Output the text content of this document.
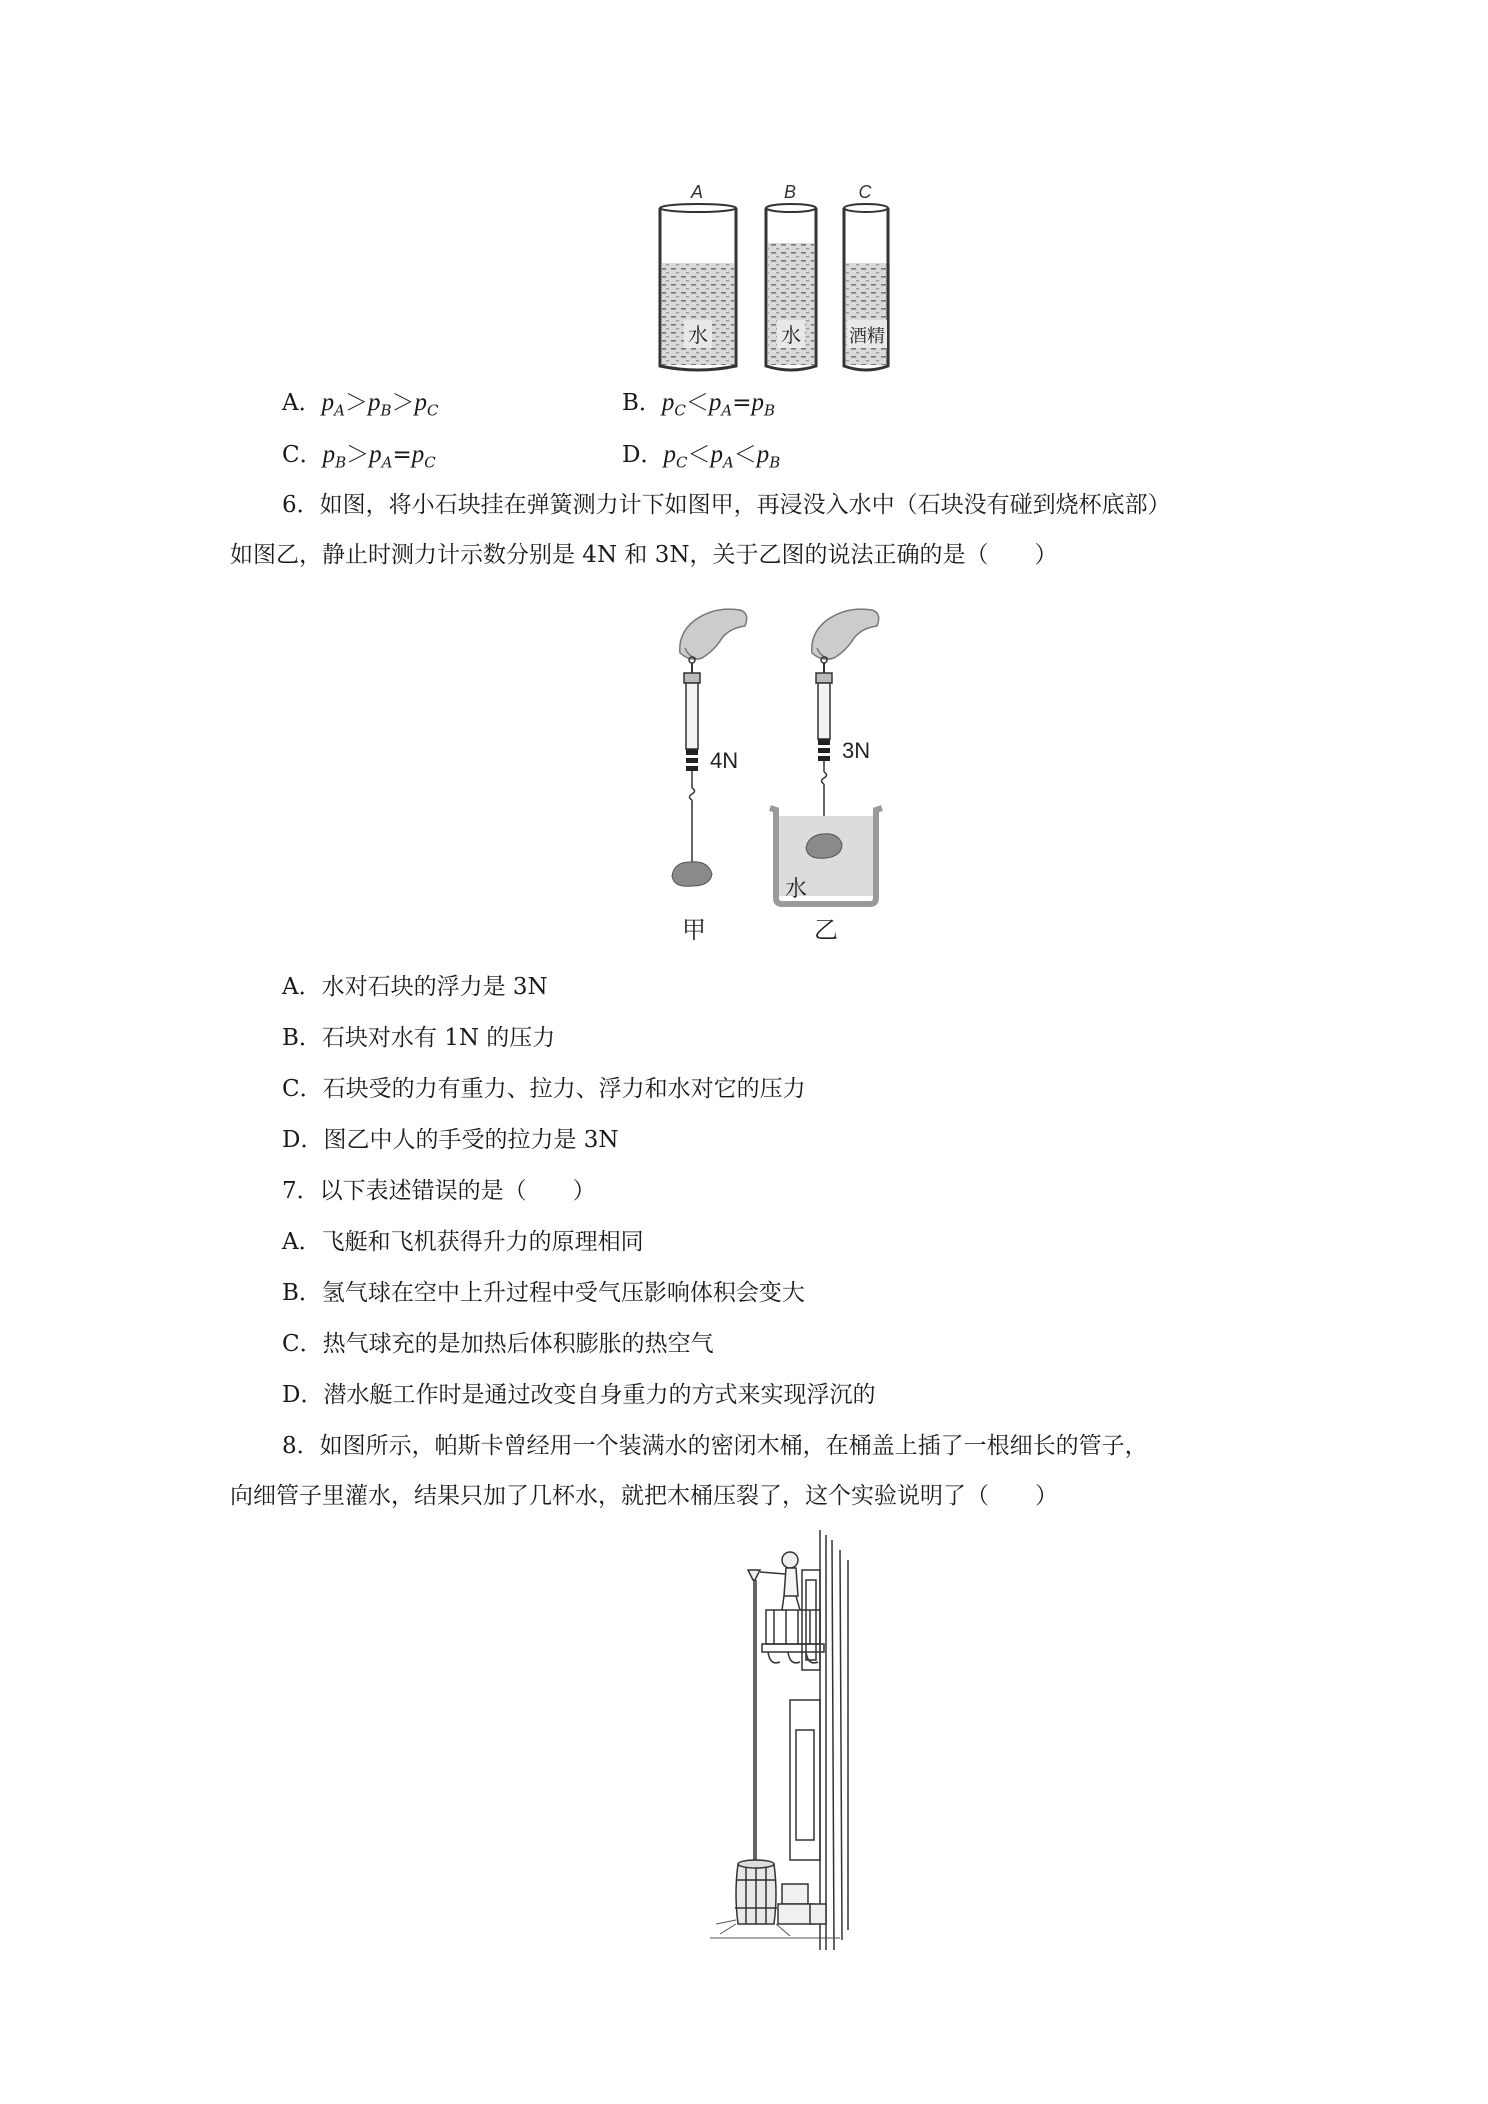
A	B	C
水	水	酒精
A．$p_A>p_B>p_C$	B．$p_C<p_A=p_B$
C．$p_B>p_A=p_C$	D．$p_C<p_A<p_B$
6．如图，将小石块挂在弹簧测力计下如图甲，再浸没入水中（石块没有碰到烧杯底部）
如图乙，静止时测力计示数分别是 4N 和 3N，关于乙图的说法正确的是（　　）
4N	3N
水
甲	乙
A．水对石块的浮力是 3N
B．石块对水有 1N 的压力
C．石块受的力有重力、拉力、浮力和水对它的压力
D．图乙中人的手受的拉力是 3N
7．以下表述错误的是（　　）
A．飞艇和飞机获得升力的原理相同
B．氢气球在空中上升过程中受气压影响体积会变大
C．热气球充的是加热后体积膨胀的热空气
D．潜水艇工作时是通过改变自身重力的方式来实现浮沉的
8．如图所示，帕斯卡曾经用一个装满水的密闭木桶，在桶盖上插了一根细长的管子，
向细管子里灌水，结果只加了几杯水，就把木桶压裂了，这个实验说明了（　　）
